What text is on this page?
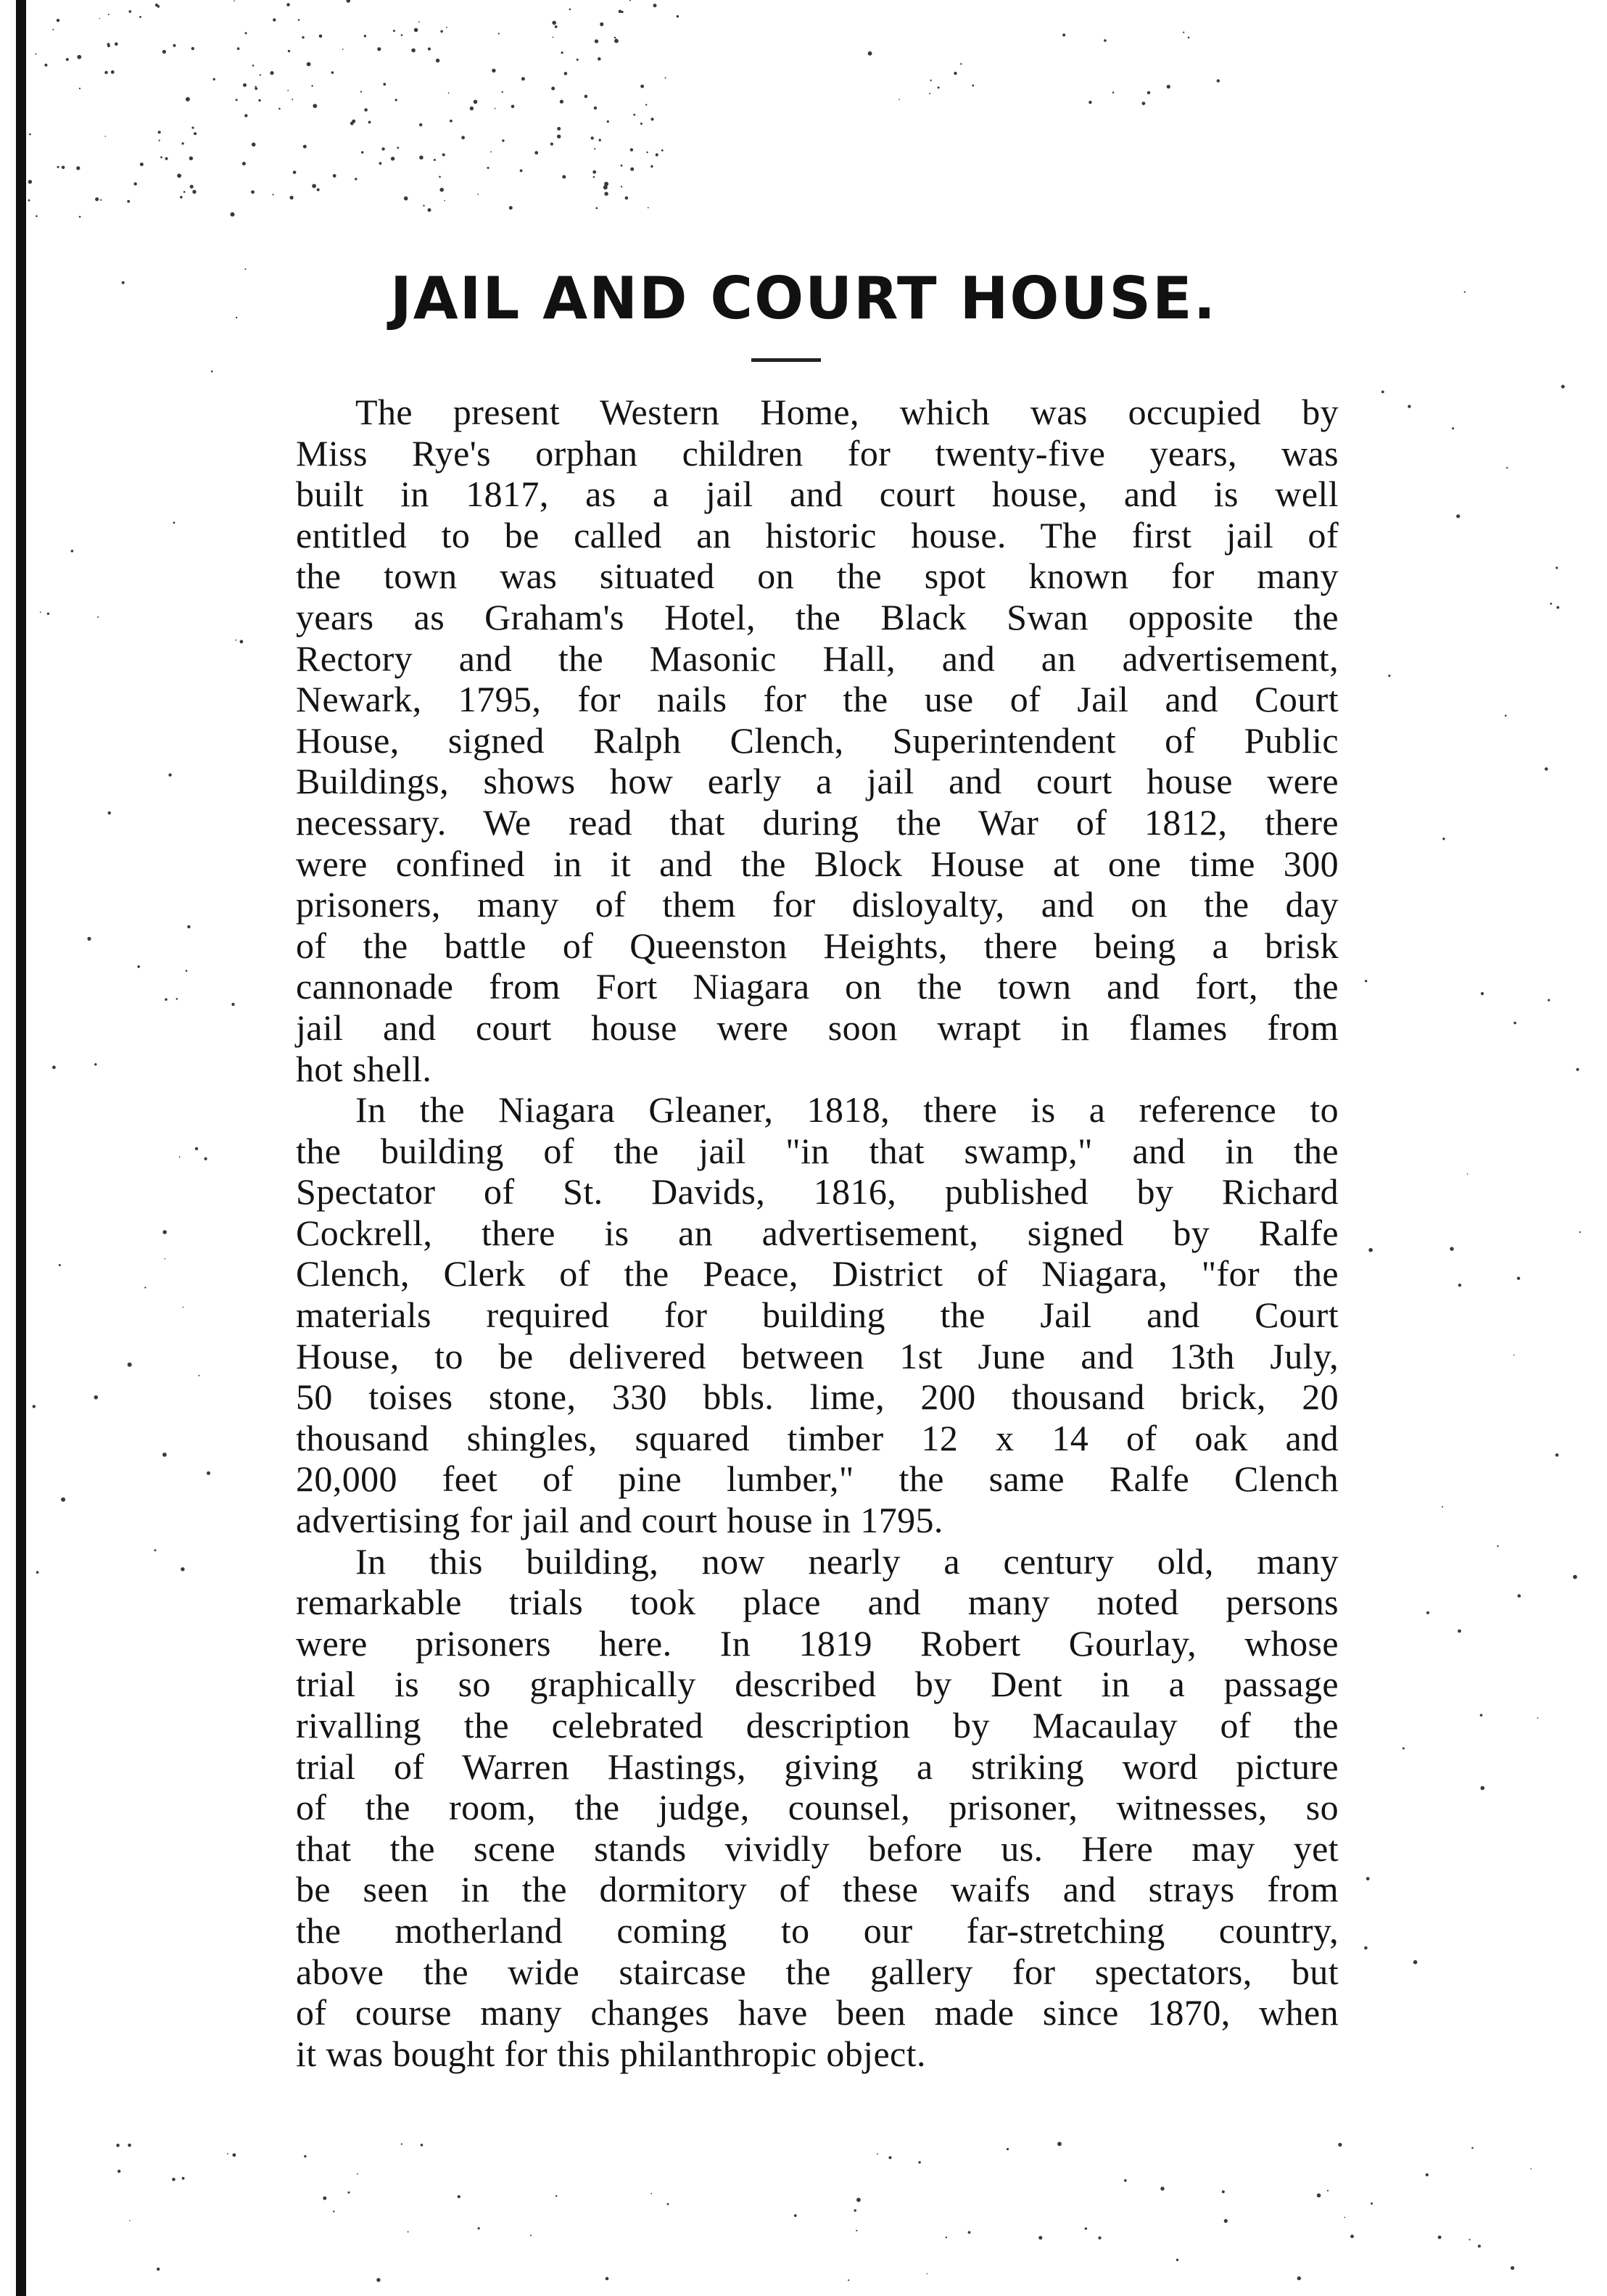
JAIL AND COURT HOUSE.

The present Western Home, which was occupied by
Miss Rye's orphan children for twenty-five years, was
built in 1817, as a jail and court house, and is well
entitled to be called an historic house. The first jail of
the town was situated on the spot known for many
years as Graham's Hotel, the Black Swan opposite the
Rectory and the Masonic Hall, and an advertisement,
Newark, 1795, for nails for the use of Jail and Court
House, signed Ralph Clench, Superintendent of Public
Buildings, shows how early a jail and court house were
necessary. We read that during the War of 1812, there
were confined in it and the Block House at one time 300
prisoners, many of them for disloyalty, and on the day
of the battle of Queenston Heights, there being a brisk
cannonade from Fort Niagara on the town and fort, the
jail and court house were soon wrapt in flames from
hot shell.

In the Niagara Gleaner, 1818, there is a reference to
the building of the jail "in that swamp," and in the
Spectator of St. Davids, 1816, published by Richard
Cockrell, there is an advertisement, signed by Ralfe
Clench, Clerk of the Peace, District of Niagara, "for the
materials required for building the Jail and Court
House, to be delivered between 1st June and 13th July,
50 toises stone, 330 bbls. lime, 200 thousand brick, 20
thousand shingles, squared timber 12 x 14 of oak and
20,000 feet of pine lumber," the same Ralfe Clench
advertising for jail and court house in 1795.

In this building, now nearly a century old, many
remarkable trials took place and many noted persons
were prisoners here. In 1819 Robert Gourlay, whose
trial is so graphically described by Dent in a passage
rivalling the celebrated description by Macaulay of the
trial of Warren Hastings, giving a striking word picture
of the room, the judge, counsel, prisoner, witnesses, so
that the scene stands vividly before us. Here may yet
be seen in the dormitory of these waifs and strays from
the motherland coming to our far-stretching country,
above the wide staircase the gallery for spectators, but
of course many changes have been made since 1870, when
it was bought for this philanthropic object.
